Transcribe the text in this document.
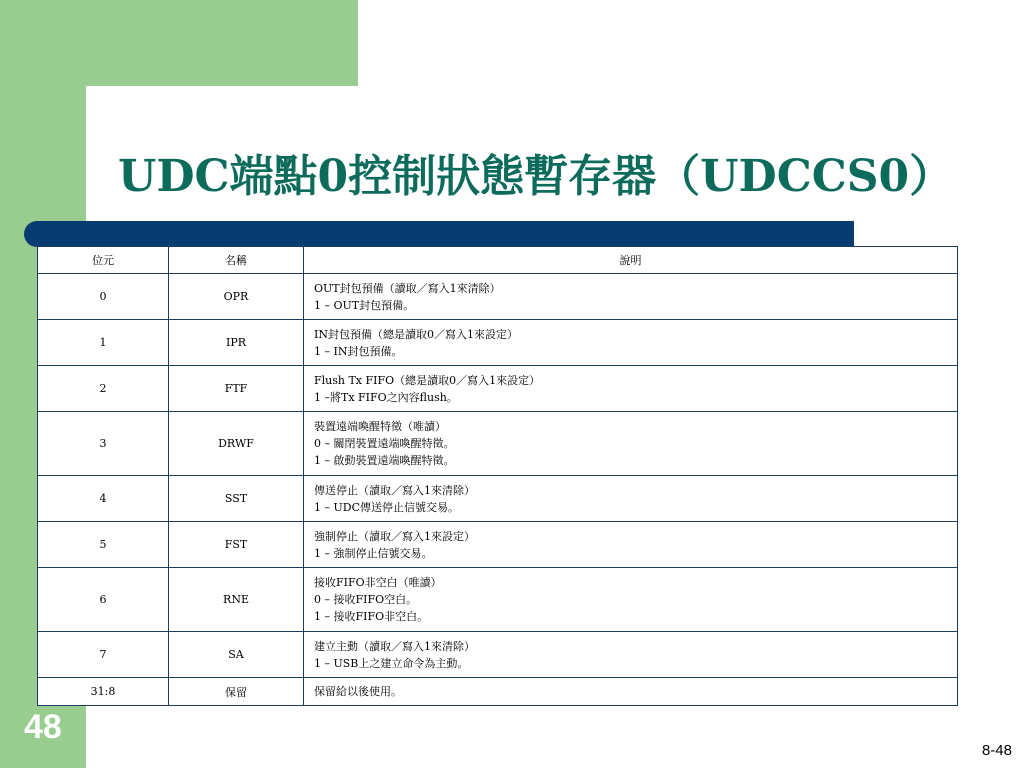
UDC端點0控制狀態暫存器（UDCCS0）
位元	名稱	說明
0	OPR	OUT封包預備（讀取／寫入1來清除）
1 – OUT封包預備。

1	IPR	IN封包預備（總是讀取0／寫入1來設定）
1 – IN封包預備。

2	FTF	Flush Tx FIFO（總是讀取0／寫入1來設定）
1 –將Tx FIFO之內容flush。

3	DRWF	裝置遠端喚醒特徵（唯讀）
0 – 關閉裝置遠端喚醒特徵。
1 – 啟動裝置遠端喚醒特徵。

4	SST	傳送停止（讀取／寫入1來清除）
1 – UDC傳送停止信號交易。

5	FST	強制停止（讀取／寫入1來設定）
1 – 強制停止信號交易。

6	RNE	接收FIFO非空白（唯讀）
0 – 接收FIFO空白。
1 – 接收FIFO非空白。

7	SA	建立主動（讀取／寫入1來清除）
1 – USB上之建立命令為主動。

31:8	保留	保留給以後使用。
48
8-48
